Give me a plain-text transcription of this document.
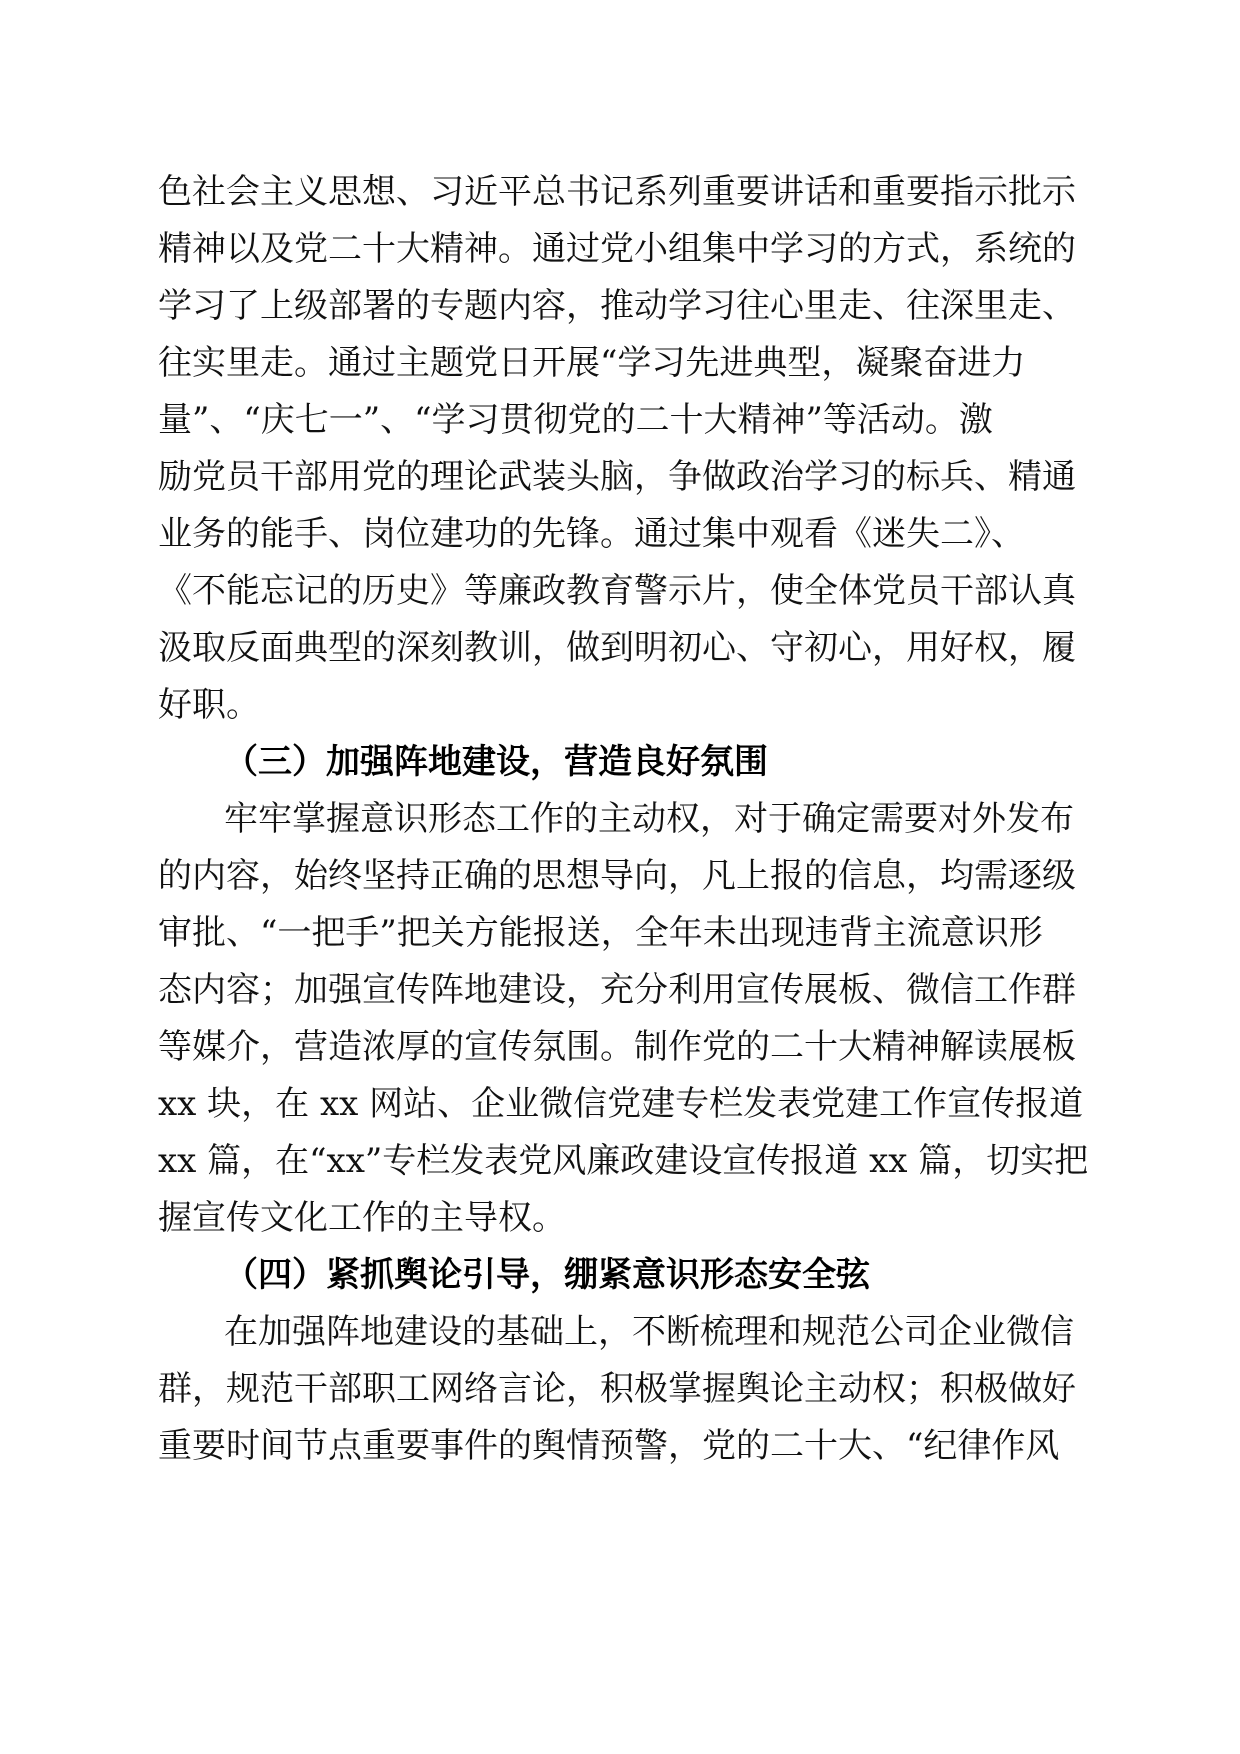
色社会主义思想、习近平总书记系列重要讲话和重要指示批示
精神以及党二十大精神。通过党小组集中学习的方式，系统的
学习了上级部署的专题内容，推动学习往心里走、往深里走、
往实里走。通过主题党日开展“学习先进典型，凝聚奋进力
量”、“庆七一”、“学习贯彻党的二十大精神”等活动。激
励党员干部用党的理论武装头脑，争做政治学习的标兵、精通
业务的能手、岗位建功的先锋。通过集中观看《迷失二》、
《不能忘记的历史》等廉政教育警示片，使全体党员干部认真
汲取反面典型的深刻教训，做到明初心、守初心，用好权，履
好职。
（三）加强阵地建设，营造良好氛围
牢牢掌握意识形态工作的主动权，对于确定需要对外发布
的内容，始终坚持正确的思想导向，凡上报的信息，均需逐级
审批、“一把手”把关方能报送，全年未出现违背主流意识形
态内容；加强宣传阵地建设，充分利用宣传展板、微信工作群
等媒介，营造浓厚的宣传氛围。制作党的二十大精神解读展板
xx 块，在 xx 网站、企业微信党建专栏发表党建工作宣传报道
xx 篇，在“xx”专栏发表党风廉政建设宣传报道 xx 篇，切实把
握宣传文化工作的主导权。
（四）紧抓舆论引导，绷紧意识形态安全弦
在加强阵地建设的基础上，不断梳理和规范公司企业微信
群，规范干部职工网络言论，积极掌握舆论主动权；积极做好
重要时间节点重要事件的舆情预警，党的二十大、“纪律作风
